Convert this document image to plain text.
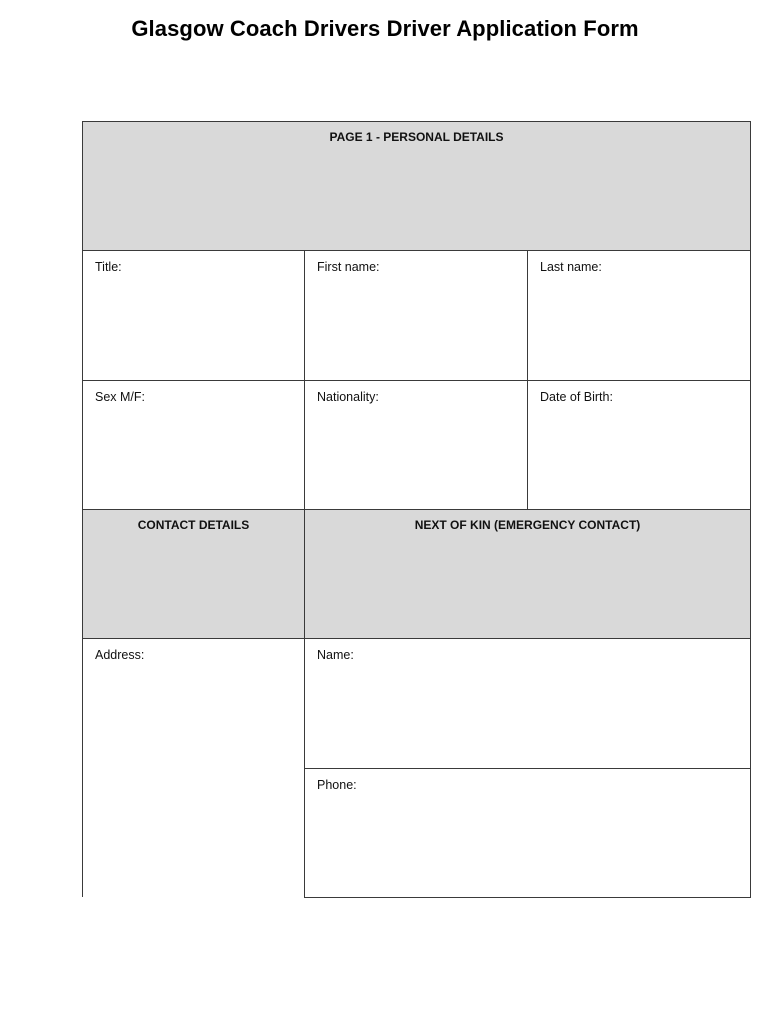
Glasgow Coach Drivers Driver Application Form
PAGE 1 - PERSONAL DETAILS
Title:	First name:	Last name:
Sex M/F:	Nationality:	Date of Birth:
CONTACT DETAILS	NEXT OF KIN (EMERGENCY CONTACT)
Address:	Name:
Phone:
